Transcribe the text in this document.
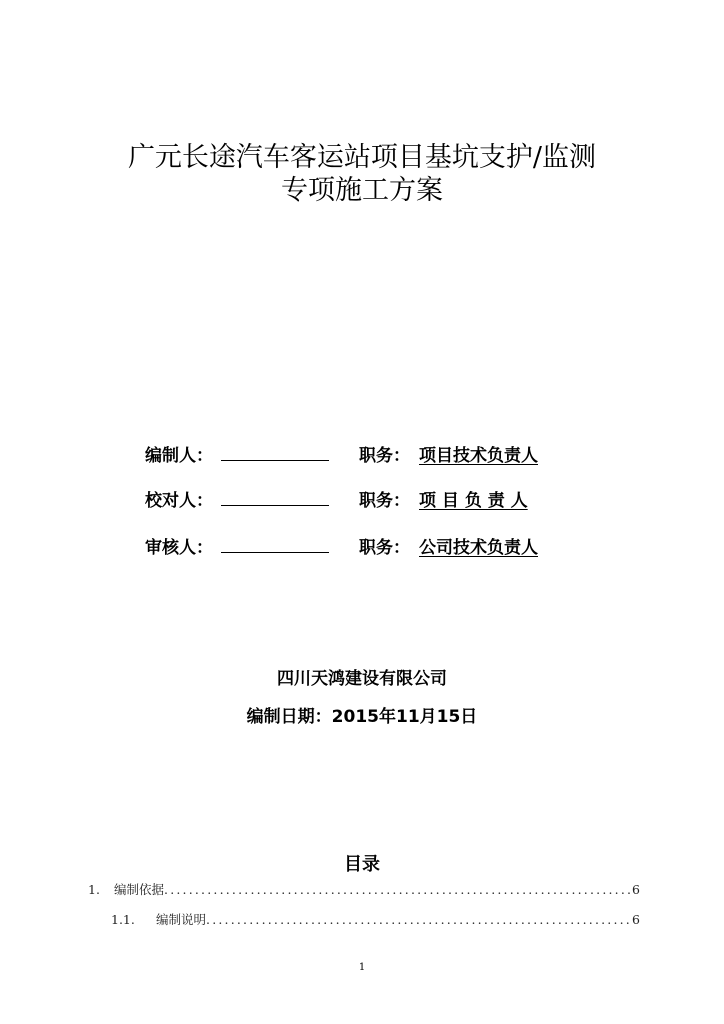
广元长途汽车客运站项目基坑支护/监测
专项施工方案
编制人：	职务： 项目技术负责人
校对人：	职务： 项 目 负 责 人
审核人：	职务： 公司技术负责人
四川天鸿建设有限公司
编制日期：2015年11月15日
目录
1.	编制依据 .....	6
1.1.	编制说明 .....	6
1
